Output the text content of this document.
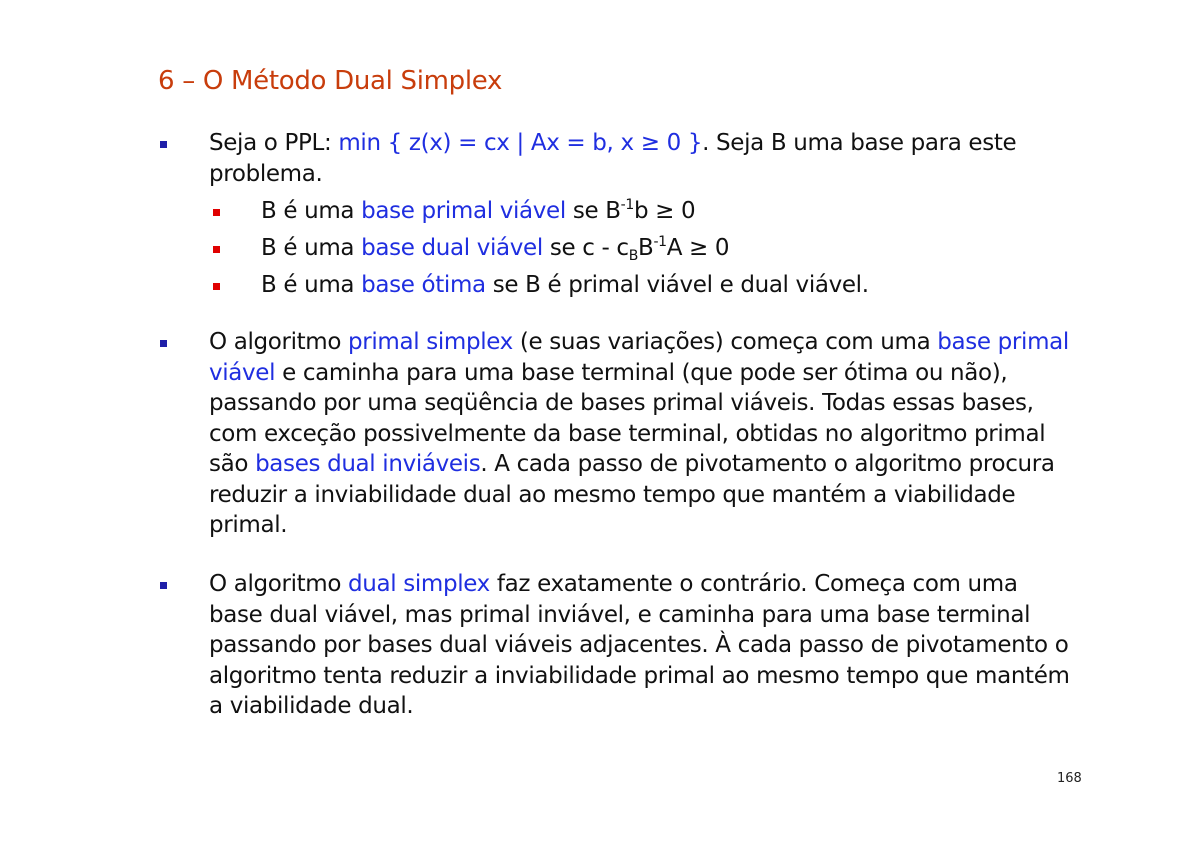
6 – O Método Dual Simplex
Seja o PPL: min { z(x) = cx | Ax = b, x ≥ 0 }. Seja B uma base para este
problema.
B é uma base primal viável se $B^{-1}b \ge 0$
B é uma base dual viável se $c - c_BB^{-1}A \ge 0$
B é uma base ótima se B é primal viável e dual viável.
O algoritmo primal simplex (e suas variações) começa com uma base primal
viável e caminha para uma base terminal (que pode ser ótima ou não),
passando por uma seqüência de bases primal viáveis. Todas essas bases,
com exceção possivelmente da base terminal, obtidas no algoritmo primal
são bases dual inviáveis. A cada passo de pivotamento o algoritmo procura
reduzir a inviabilidade dual ao mesmo tempo que mantém a viabilidade
primal.
O algoritmo dual simplex faz exatamente o contrário. Começa com uma
base dual viável, mas primal inviável, e caminha para uma base terminal
passando por bases dual viáveis adjacentes. À cada passo de pivotamento o
algoritmo tenta reduzir a inviabilidade primal ao mesmo tempo que mantém
a viabilidade dual.
168
